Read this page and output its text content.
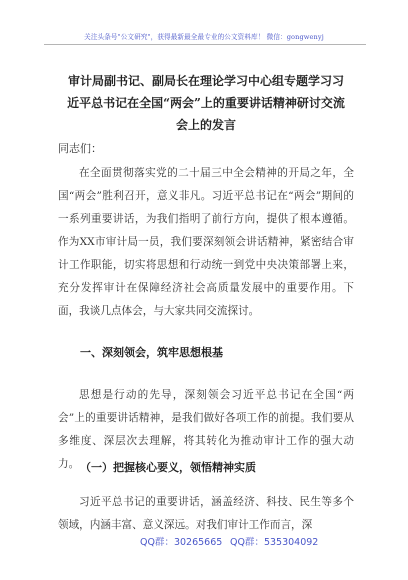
关注头条号"公文研究"，获得最新最全最专业的公文资料库！ 微信：gongwenyj
审计局副书记、副局长在理论学习中心组专题学习习近平总书记在全国“两会”上的重要讲话精神研讨交流会上的发言
同志们：

在全面贯彻落实党的二十届三中全会精神的开局之年，全国“两会”胜利召开，意义非凡。习近平总书记在“两会”期间的一系列重要讲话，为我们指明了前行方向，提供了根本遵循。作为XX市审计局一员，我们要深刻领会讲话精神，紧密结合审计工作职能，切实将思想和行动统一到党中央决策部署上来，充分发挥审计在保障经济社会高质量发展中的重要作用。下面，我谈几点体会，与大家共同交流探讨。

一、深刻领会，筑牢思想根基

思想是行动的先导，深刻领会习近平总书记在全国“两会”上的重要讲话精神，是我们做好各项工作的前提。我们要从多维度、深层次去理解，将其转化为推动审计工作的强大动力。 （一）把握核心要义，领悟精神实质

习近平总书记的重要讲话，涵盖经济、科技、民生等多个领域，内涵丰富、意义深远。对我们审计工作而言，深

QQ群：30265665 QQ群：535304092
